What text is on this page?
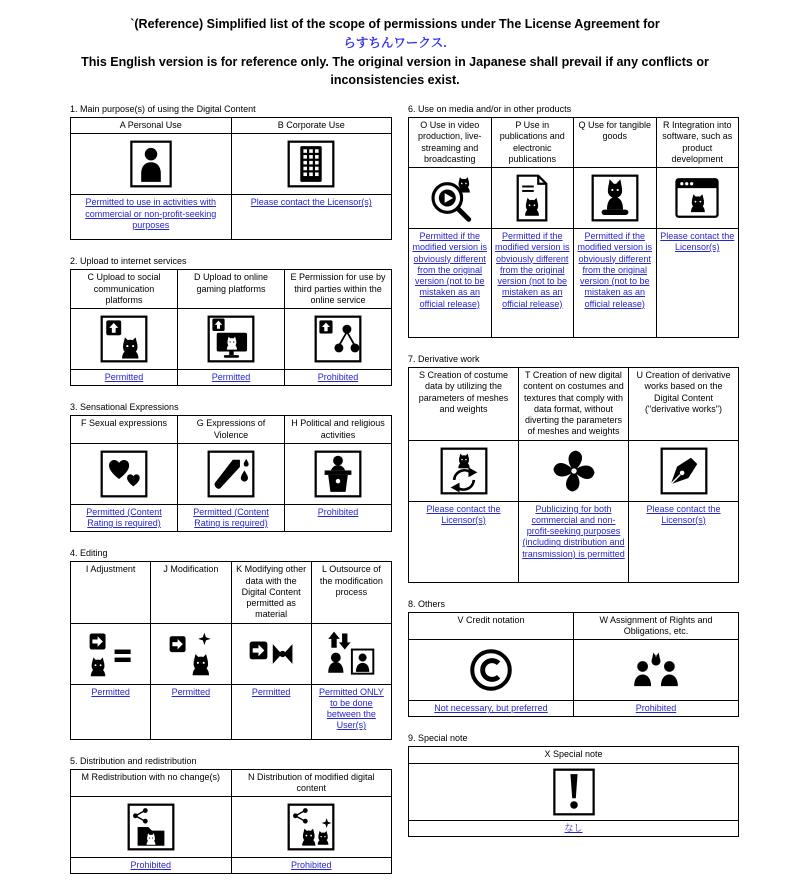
`(Reference) Simplified list of the scope of permissions under The License Agreement for
らすちんワークス.
This English version is for reference only. The original version in Japanese shall prevail if any conflicts or inconsistencies exist.
1. Main purpose(s) of using the Digital Content
A Personal Use	B Corporate Use

Permitted to use in activities with commercial or non-profit-seeking purposes	Please contact the Licensor(s)
2. Upload to internet services
C Upload to social communication platforms	D Upload to online gaming platforms	E Permission for use by third parties within the online service

Permitted	Permitted	Prohibited
3. Sensational Expressions
F Sexual expressions	G Expressions of Violence	H Political and religious activities

Permitted (Content Rating is required)	Permitted (Content Rating is required)	Prohibited
4. Editing
I Adjustment	J Modification	K Modifying other data with the Digital Content permitted as material	L Outsource of the modification process

Permitted	Permitted	Permitted	Permitted ONLY to be done between the User(s)
5. Distribution and redistribution
M Redistribution with no change(s)	N Distribution of modified digital content

Prohibited	Prohibited
6. Use on media and/or in other products
O Use in video production, live-streaming and broadcasting	P Use in publications and electronic publications	Q Use for tangible goods	R Integration into software, such as product development

Permitted if the modified version is obviously different from the original version (not to be mistaken as an official release)	Permitted if the modified version is obviously different from the original version (not to be mistaken as an official release)	Permitted if the modified version is obviously different from the original version (not to be mistaken as an official release)	Please contact the Licensor(s)
7. Derivative work
S Creation of costume data by utilizing the parameters of meshes and weights	T Creation of new digital content on costumes and textures that comply with data format, without diverting the parameters of meshes and weights	U Creation of derivative works based on the Digital Content ("derivative works")

Please contact the Licensor(s)	Publicizing for both commercial and non-profit-seeking purposes (including distribution and transmission) is permitted	Please contact the Licensor(s)
8. Others
V Credit notation	W Assignment of Rights and Obligations, etc.

Not necessary, but preferred	Prohibited
9. Special note
X Special note

なし
